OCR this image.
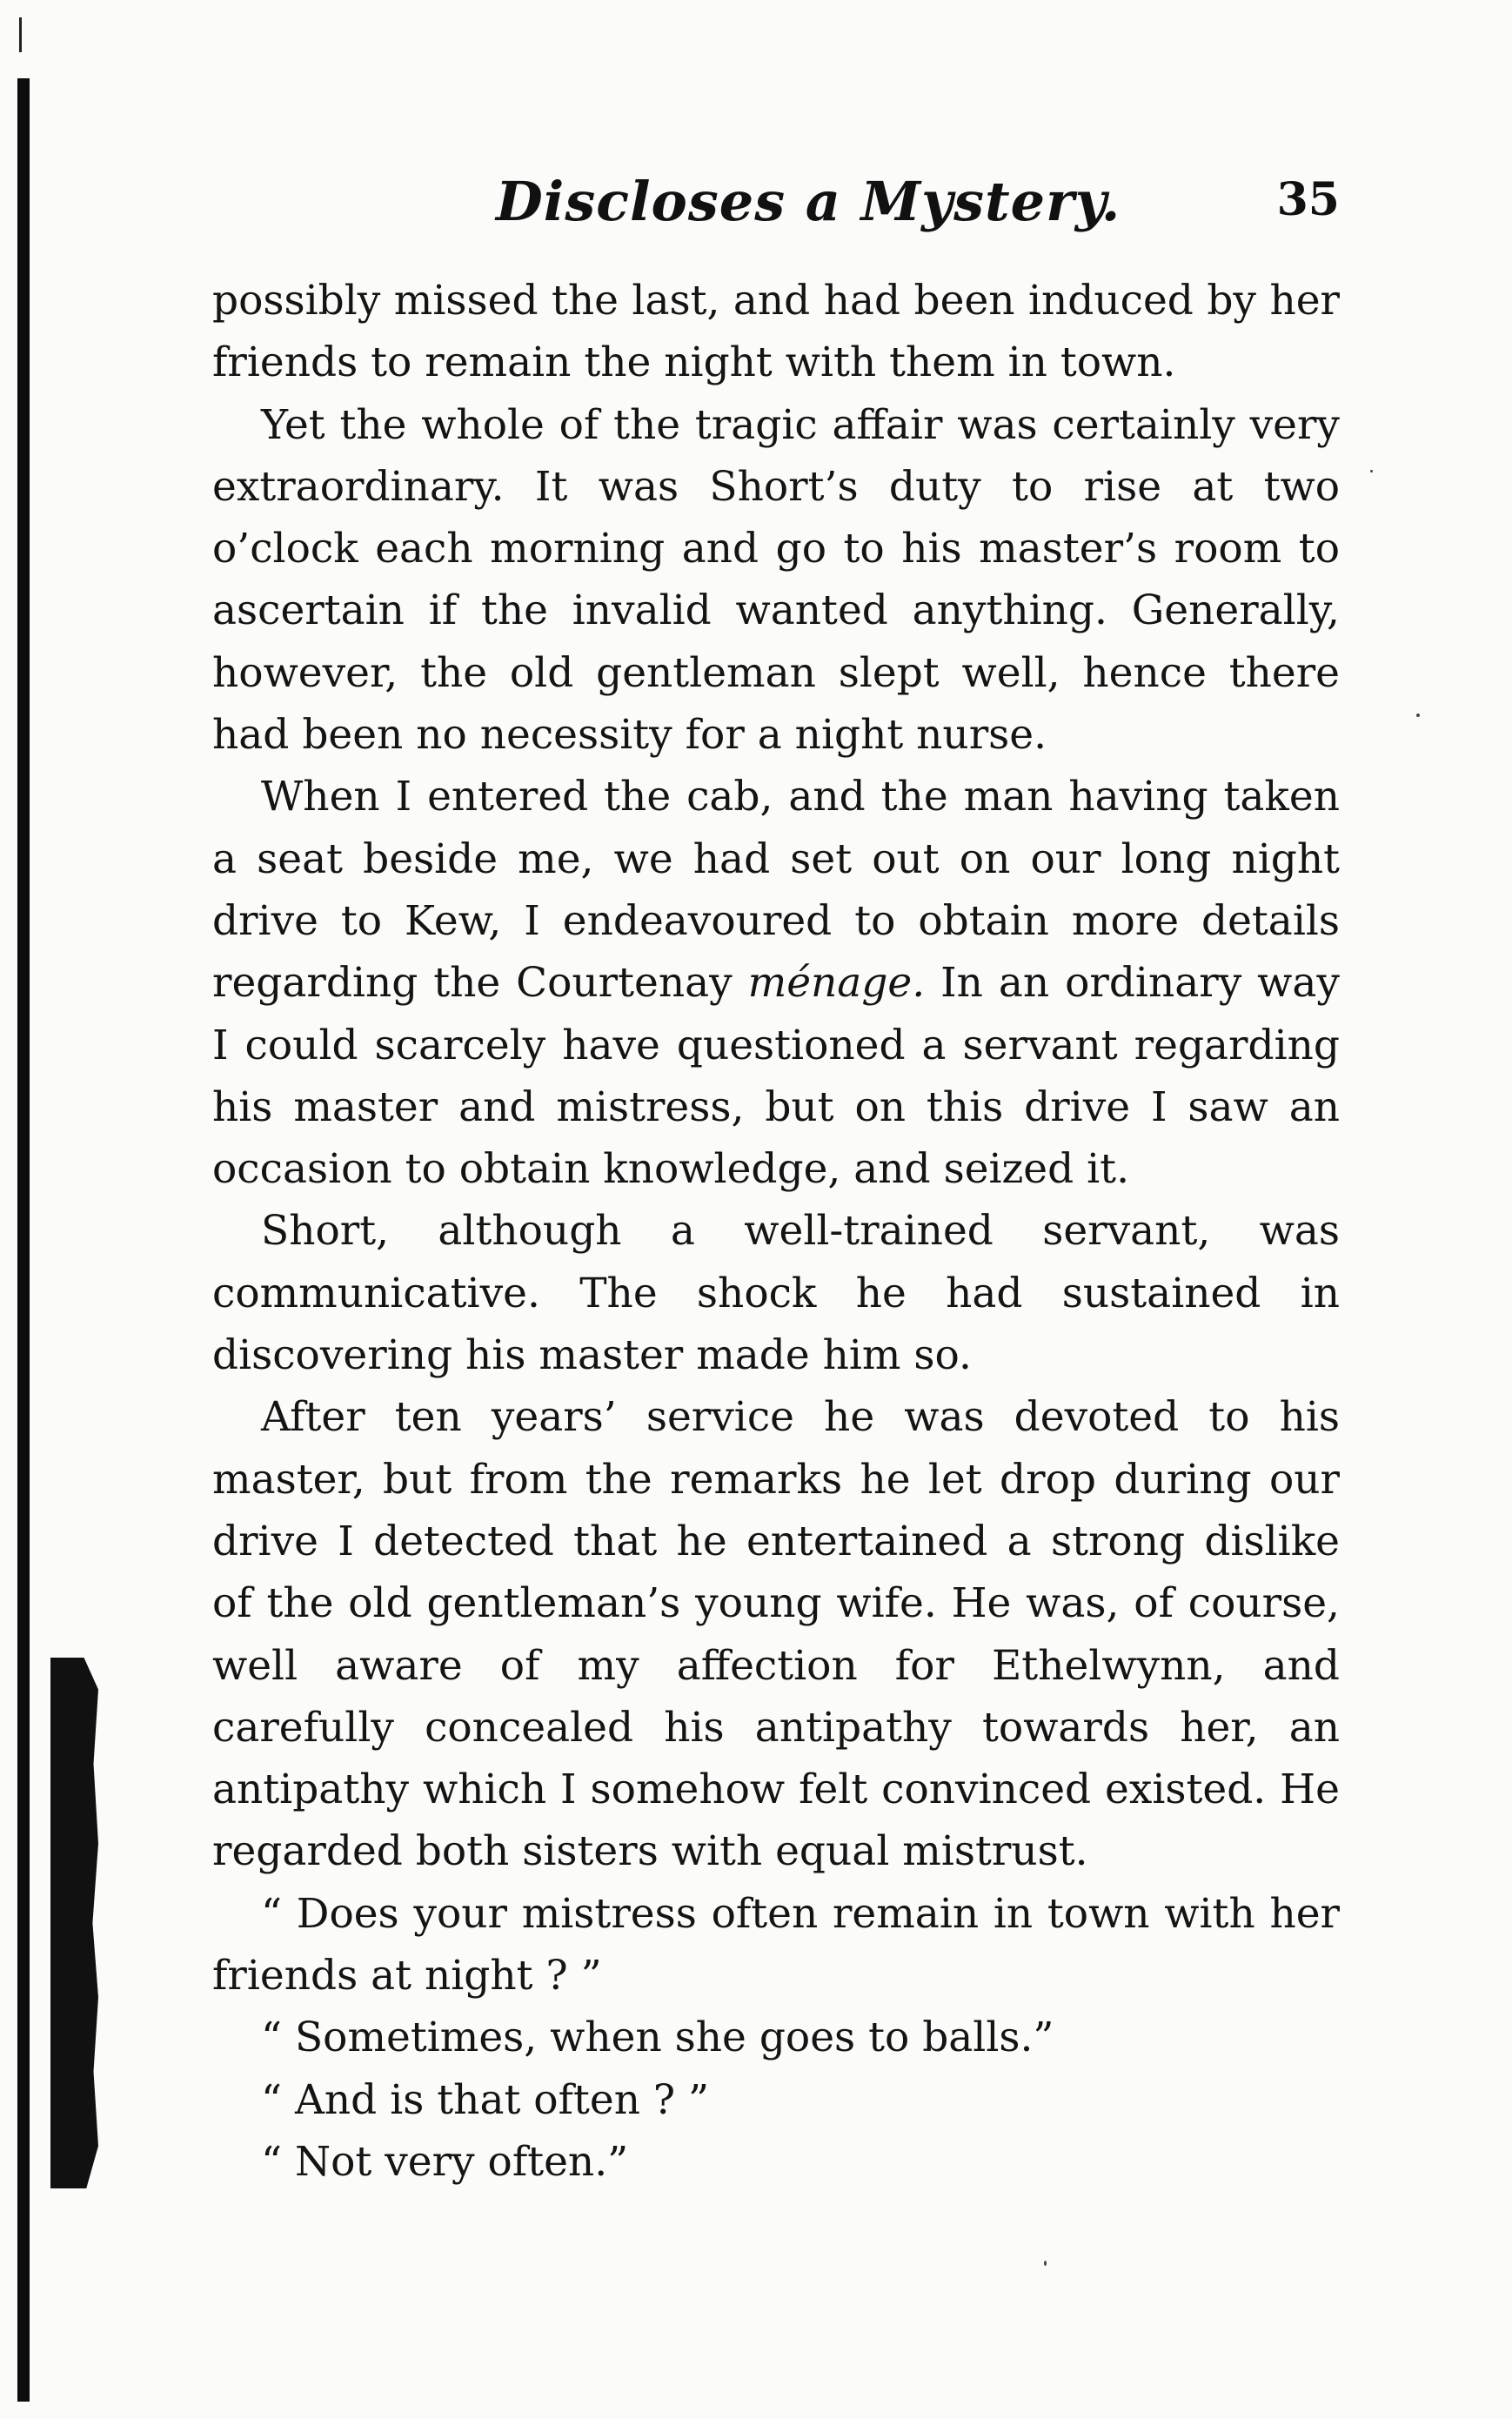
Discloses a Mystery.	35

possibly missed the last, and had been induced by her friends to remain the night with them in town.

Yet the whole of the tragic affair was certainly very extraordinary. It was Short’s duty to rise at two o’clock each morning and go to his master’s room to ascertain if the invalid wanted anything. Generally, however, the old gentleman slept well, hence there had been no necessity for a night nurse.

When I entered the cab, and the man having taken a seat beside me, we had set out on our long night drive to Kew, I endeavoured to obtain more details regarding the Courtenay ménage. In an ordinary way I could scarcely have questioned a servant regarding his master and mistress, but on this drive I saw an occasion to obtain knowledge, and seized it.

Short, although a well-trained servant, was communicative. The shock he had sustained in discovering his master made him so.

After ten years’ service he was devoted to his master, but from the remarks he let drop during our drive I detected that he entertained a strong dislike of the old gentleman’s young wife. He was, of course, well aware of my affection for Ethelwynn, and carefully concealed his antipathy towards her, an antipathy which I somehow felt convinced existed. He regarded both sisters with equal mistrust.

“ Does your mistress often remain in town with her friends at night ? ”

“ Sometimes, when she goes to balls.”

“ And is that often ? ”

“ Not very often.”
